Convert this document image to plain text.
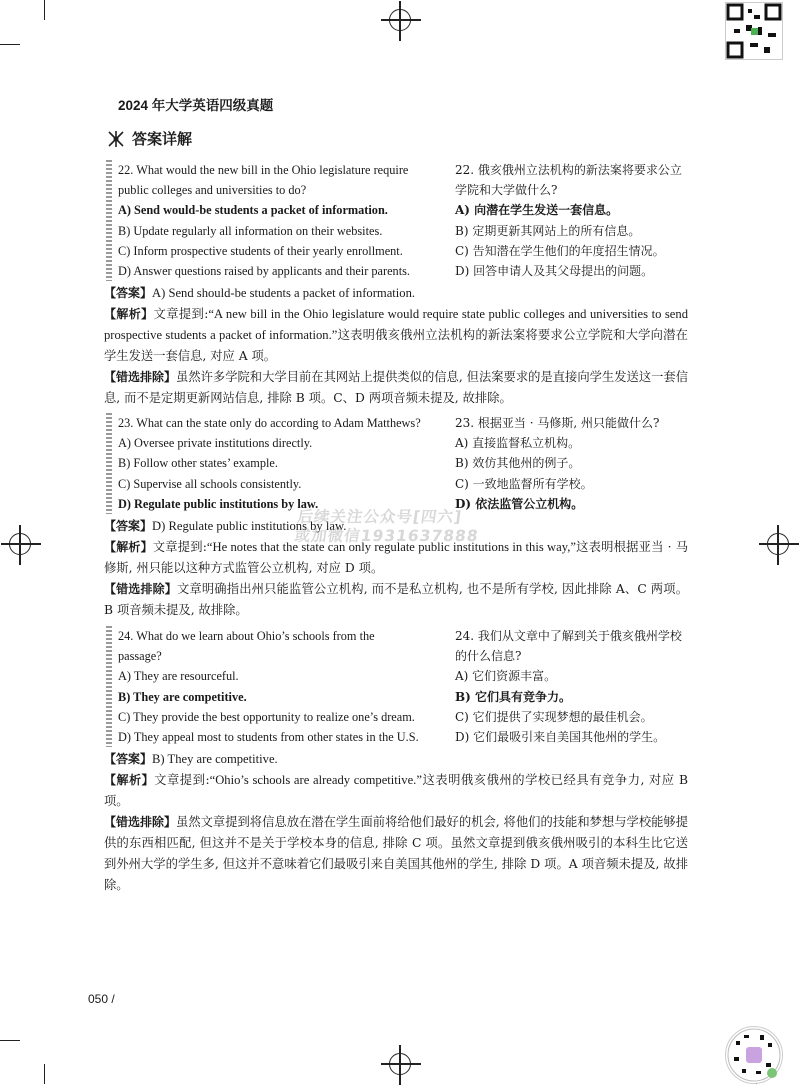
2024 年大学英语四级真题
答案详解
22. What would the new bill in the Ohio legislature require
public colleges and universities to do?
A) Send would-be students a packet of information.
B) Update regularly all information on their websites.
C) Inform prospective students of their yearly enrollment.
D) Answer questions raised by applicants and their parents.
22. 俄亥俄州立法机构的新法案将要求公立
学院和大学做什么?
A) 向潜在学生发送一套信息。
B) 定期更新其网站上的所有信息。
C) 告知潜在学生他们的年度招生情况。
D) 回答申请人及其父母提出的问题。
【答案】A) Send should-be students a packet of information.
【解析】文章提到:“A new bill in the Ohio legislature would require state public colleges and universities to send prospective students a packet of information.”这表明俄亥俄州立法机构的新法案将要求公立学院和大学向潜在学生发送一套信息, 对应 A 项。
【错选排除】虽然许多学院和大学目前在其网站上提供类似的信息, 但法案要求的是直接向学生发送这一套信息, 而不是定期更新网站信息, 排除 B 项。C、D 两项音频未提及, 故排除。
23. What can the state only do according to Adam Matthews?
A) Oversee private institutions directly.
B) Follow other states’ example.
C) Supervise all schools consistently.
D) Regulate public institutions by law.
23. 根据亚当 · 马修斯, 州只能做什么?
A) 直接监督私立机构。
B) 效仿其他州的例子。
C) 一致地监督所有学校。
D) 依法监管公立机构。
【答案】D) Regulate public institutions by law.
【解析】文章提到:“He notes that the state can only regulate public institutions in this way,”这表明根据亚当 · 马修斯, 州只能以这种方式监管公立机构, 对应 D 项。
【错选排除】文章明确指出州只能监管公立机构, 而不是私立机构, 也不是所有学校, 因此排除 A、C 两项。B 项音频未提及, 故排除。
24. What do we learn about Ohio’s schools from the
passage?
A) They are resourceful.
B) They are competitive.
C) They provide the best opportunity to realize one’s dream.
D) They appeal most to students from other states in the U.S.
24. 我们从文章中了解到关于俄亥俄州学校
的什么信息?
A) 它们资源丰富。
B) 它们具有竞争力。
C) 它们提供了实现梦想的最佳机会。
D) 它们最吸引来自美国其他州的学生。
【答案】B) They are competitive.
【解析】文章提到:“Ohio’s schools are already competitive.”这表明俄亥俄州的学校已经具有竞争力, 对应 B 项。
【错选排除】虽然文章提到将信息放在潜在学生面前将给他们最好的机会, 将他们的技能和梦想与学校能够提供的东西相匹配, 但这并不是关于学校本身的信息, 排除 C 项。虽然文章提到俄亥俄州吸引的本科生比它送到外州大学的学生多, 但这并不意味着它们最吸引来自美国其他州的学生, 排除 D 项。A 项音频未提及, 故排除。
后续关注公众号[四六]
或加微信1931637888
050 /
